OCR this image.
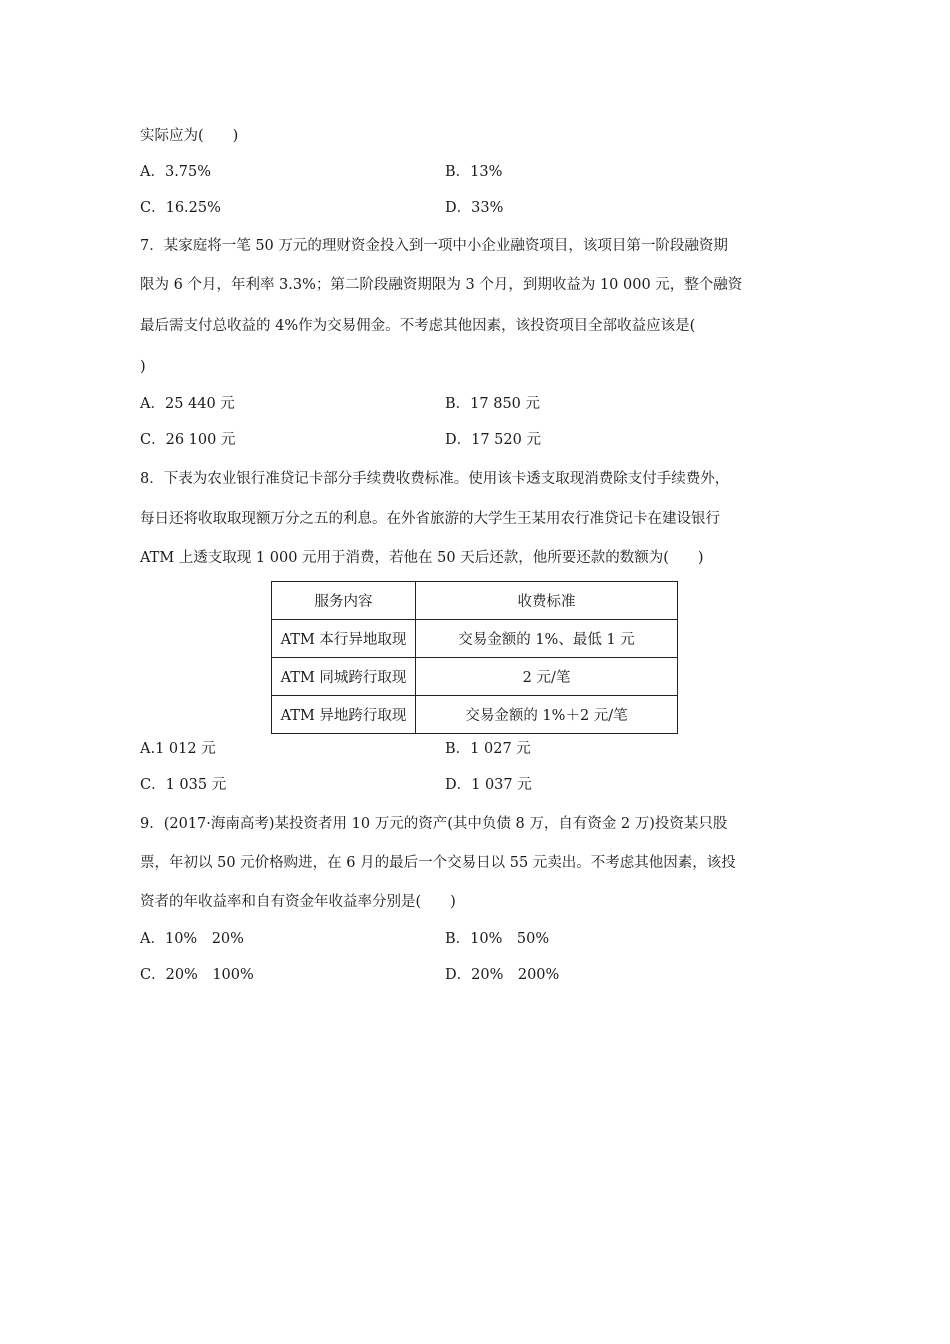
实际应为(　　)
A．3.75%	B．13%
C．16.25%	D．33%
7．某家庭将一笔 50 万元的理财资金投入到一项中小企业融资项目，该项目第一阶段融资期
限为 6 个月，年利率 3.3%；第二阶段融资期限为 3 个月，到期收益为 10 000 元，整个融资
最后需支付总收益的 4%作为交易佣金。不考虑其他因素，该投资项目全部收益应该是(
)
A．25 440 元	B．17 850 元
C．26 100 元	D．17 520 元
8．下表为农业银行准贷记卡部分手续费收费标准。使用该卡透支取现消费除支付手续费外，
每日还将收取取现额万分之五的利息。在外省旅游的大学生王某用农行准贷记卡在建设银行
ATM 上透支取现 1 000 元用于消费，若他在 50 天后还款，他所要还款的数额为(　　)
服务内容	收费标准
ATM 本行异地取现	交易金额的 1%、最低 1 元
ATM 同城跨行取现	2 元/笔
ATM 异地跨行取现	交易金额的 1%＋2 元/笔
A.1 012 元	B．1 027 元
C．1 035 元	D．1 037 元
9．(2017·海南高考)某投资者用 10 万元的资产(其中负债 8 万，自有资金 2 万)投资某只股
票，年初以 50 元价格购进，在 6 月的最后一个交易日以 55 元卖出。不考虑其他因素，该投
资者的年收益率和自有资金年收益率分别是(　　)
A．10%　20%	B．10%　50%
C．20%　100%	D．20%　200%
